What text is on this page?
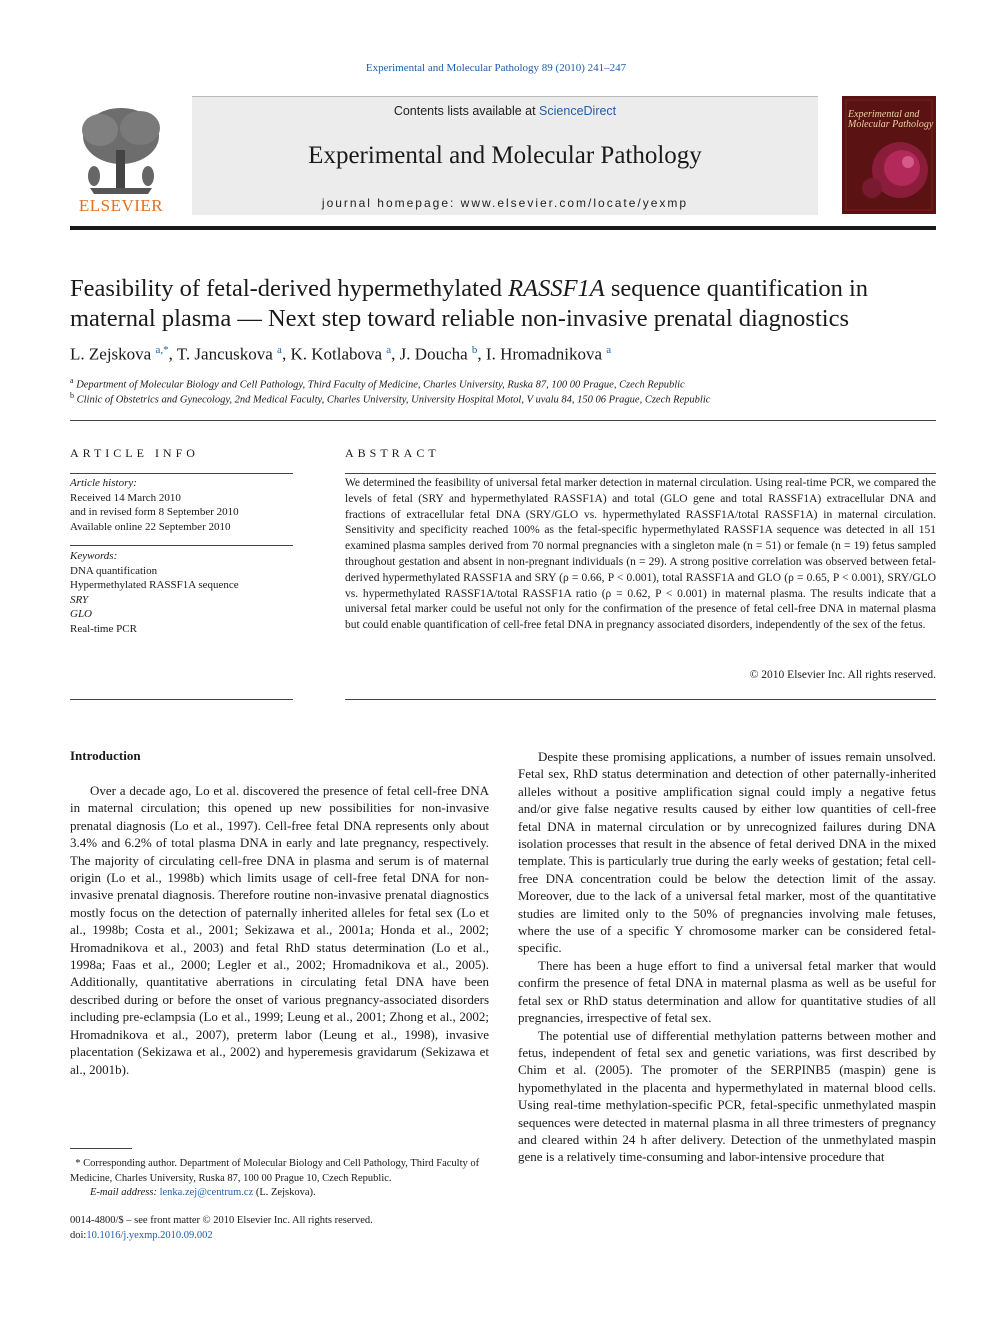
Experimental and Molecular Pathology 89 (2010) 241–247
ELSEVIER
Contents lists available at ScienceDirect
Experimental and Molecular Pathology
journal homepage: www.elsevier.com/locate/yexmp
Experimental and Molecular Pathology
Feasibility of fetal-derived hypermethylated RASSF1A sequence quantification in maternal plasma — Next step toward reliable non-invasive prenatal diagnostics
L. Zejskova $^{a,*}$, T. Jancuskova $^a$, K. Kotlabova $^a$, J. Doucha $^b$, I. Hromadnikova $^a$
$^a$ Department of Molecular Biology and Cell Pathology, Third Faculty of Medicine, Charles University, Ruska 87, 100 00 Prague, Czech Republic
$^b$ Clinic of Obstetrics and Gynecology, 2nd Medical Faculty, Charles University, University Hospital Motol, V uvalu 84, 150 06 Prague, Czech Republic
ARTICLE INFO	ABSTRACT
Article history:
Received 14 March 2010
and in revised form 8 September 2010
Available online 22 September 2010
Keywords:
DNA quantification
Hypermethylated RASSF1A sequence
SRY
GLO
Real-time PCR
We determined the feasibility of universal fetal marker detection in maternal circulation. Using real-time PCR, we compared the levels of fetal (SRY and hypermethylated RASSF1A) and total (GLO gene and total RASSF1A) extracellular DNA and fractions of extracellular fetal DNA (SRY/GLO vs. hypermethylated RASSF1A/total RASSF1A) in maternal circulation. Sensitivity and specificity reached 100% as the fetal-specific hypermethylated RASSF1A sequence was detected in all 151 examined plasma samples derived from 70 normal pregnancies with a singleton male (n = 51) or female (n = 19) fetus sampled throughout gestation and absent in non-pregnant individuals (n = 29). A strong positive correlation was observed between fetal-derived hypermethylated RASSF1A and SRY (ρ = 0.66, P < 0.001), total RASSF1A and GLO (ρ = 0.65, P < 0.001), SRY/GLO vs. hypermethylated RASSF1A/total RASSF1A ratio (ρ = 0.62, P < 0.001) in maternal plasma. The results indicate that a universal fetal marker could be useful not only for the confirmation of the presence of fetal cell-free DNA in maternal plasma but could enable quantification of cell-free fetal DNA in pregnancy associated disorders, independently of the sex of the fetus.
© 2010 Elsevier Inc. All rights reserved.
Introduction

Over a decade ago, Lo et al. discovered the presence of fetal cell-free DNA in maternal circulation; this opened up new possibilities for non-invasive prenatal diagnosis (Lo et al., 1997). Cell-free fetal DNA represents only about 3.4% and 6.2% of total plasma DNA in early and late pregnancy, respectively. The majority of circulating cell-free DNA in plasma and serum is of maternal origin (Lo et al., 1998b) which limits usage of cell-free fetal DNA for non-invasive prenatal diagnosis. Therefore routine non-invasive prenatal diagnostics mostly focus on the detection of paternally inherited alleles for fetal sex (Lo et al., 1998b; Costa et al., 2001; Sekizawa et al., 2001a; Honda et al., 2002; Hromadnikova et al., 2003) and fetal RhD status determination (Lo et al., 1998a; Faas et al., 2000; Legler et al., 2002; Hromadnikova et al., 2005). Additionally, quantitative aberrations in circulating fetal DNA have been described during or before the onset of various pregnancy-associated disorders including pre-eclampsia (Lo et al., 1999; Leung et al., 2001; Zhong et al., 2002; Hromadnikova et al., 2007), preterm labor (Leung et al., 1998), invasive placentation (Sekizawa et al., 2002) and hyperemesis gravidarum (Sekizawa et al., 2001b).

Despite these promising applications, a number of issues remain unsolved. Fetal sex, RhD status determination and detection of other paternally-inherited alleles without a positive amplification signal could imply a negative fetus and/or give false negative results caused by either low quantities of cell-free fetal DNA in maternal circulation or by unrecognized failures during DNA isolation processes that result in the absence of fetal derived DNA in the mixed template. This is particularly true during the early weeks of gestation; fetal cell-free DNA concentration could be below the detection limit of the assay. Moreover, due to the lack of a universal fetal marker, most of the quantitative studies are limited only to the 50% of pregnancies involving male fetuses, where the use of a specific Y chromosome marker can be considered fetal-specific.

There has been a huge effort to find a universal fetal marker that would confirm the presence of fetal DNA in maternal plasma as well as be useful for fetal sex or RhD status determination and allow for quantitative studies of all pregnancies, irrespective of fetal sex.

The potential use of differential methylation patterns between mother and fetus, independent of fetal sex and genetic variations, was first described by Chim et al. (2005). The promoter of the SERPINB5 (maspin) gene is hypomethylated in the placenta and hypermethylated in maternal blood cells. Using real-time methylation-specific PCR, fetal-specific unmethylated maspin sequences were detected in maternal plasma in all three trimesters of pregnancy and cleared within 24 h after delivery. Detection of the unmethylated maspin gene is a relatively time-consuming and labor-intensive procedure that

* Corresponding author. Department of Molecular Biology and Cell Pathology, Third Faculty of Medicine, Charles University, Ruska 87, 100 00 Prague 10, Czech Republic.
E-mail address: lenka.zej@centrum.cz (L. Zejskova).
0014-4800/$ – see front matter © 2010 Elsevier Inc. All rights reserved.
doi:10.1016/j.yexmp.2010.09.002
